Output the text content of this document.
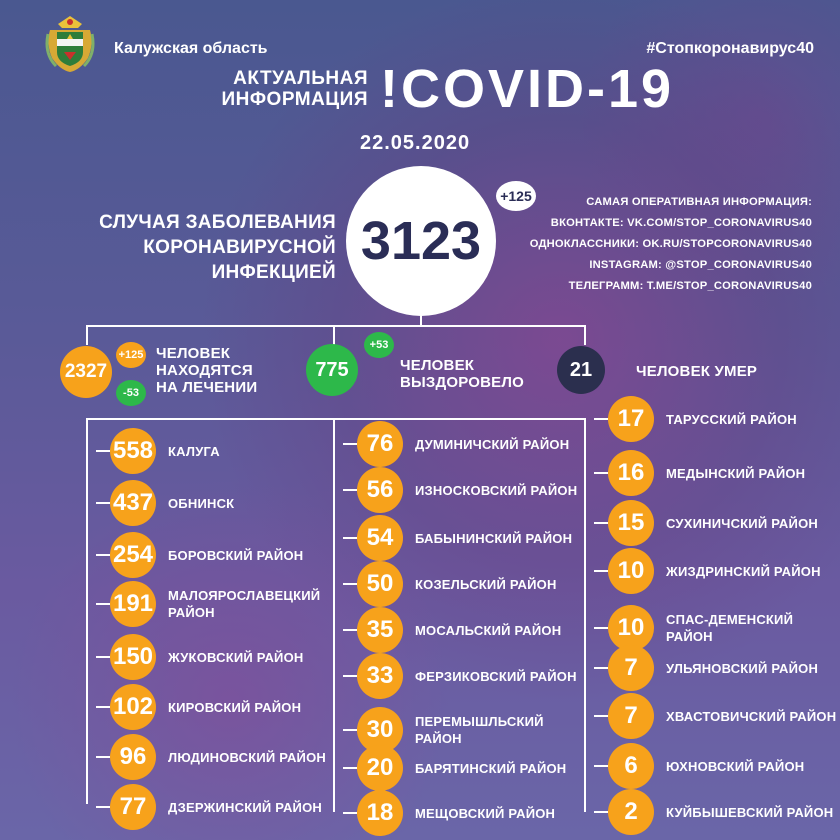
Калужская область	#Стопкоронавирус40
АКТУАЛЬНАЯ
ИНФОРМАЦИЯ !COVID-19
22.05.2020
СЛУЧАЯ ЗАБОЛЕВАНИЯ
КОРОНАВИРУСНОЙ ИНФЕКЦИЕЙ
3123
+125	САМАЯ ОПЕРАТИВНАЯ ИНФОРМАЦИЯ:
ВКОНТАКТЕ: VK.COM/STOP_CORONAVIRUS40
ОДНОКЛАССНИКИ: OK.RU/STOPCORONAVIRUS40
INSTAGRAM: @STOP_CORONAVIRUS40
ТЕЛЕГРАММ: T.ME/STOP_CORONAVIRUS40
2327
+125
-53
ЧЕЛОВЕК
НАХОДЯТСЯ
НА ЛЕЧЕНИИ
775
+53
ЧЕЛОВЕК
ВЫЗДОРОВЕЛО
21	ЧЕЛОВЕК УМЕР
558 КАЛУГА
437 ОБНИНСК
254 БОРОВСКИЙ РАЙОН
191 МАЛОЯРОСЛАВЕЦКИЙ
РАЙОН
150 ЖУКОВСКИЙ РАЙОН
102 КИРОВСКИЙ РАЙОН
96	ЛЮДИНОВСКИЙ РАЙОН
77	ДЗЕРЖИНСКИЙ РАЙОН
76	ДУМИНИЧСКИЙ РАЙОН
56	ИЗНОСКОВСКИЙ РАЙОН
54	БАБЫНИНСКИЙ РАЙОН
50	КОЗЕЛЬСКИЙ РАЙОН
35	МОСАЛЬСКИЙ РАЙОН
33	ФЕРЗИКОВСКИЙ РАЙОН
30	ПЕРЕМЫШЛЬСКИЙ
РАЙОН
20	БАРЯТИНСКИЙ РАЙОН
18	МЕЩОВСКИЙ РАЙОН
17	ТАРУССКИЙ РАЙОН
16	МЕДЫНСКИЙ РАЙОН
15	СУХИНИЧСКИЙ РАЙОН
10	ЖИЗДРИНСКИЙ РАЙОН
10	СПАС-ДЕМЕНСКИЙ
РАЙОН
7	УЛЬЯНОВСКИЙ РАЙОН
7	ХВАСТОВИЧСКИЙ РАЙОН
6	ЮХНОВСКИЙ РАЙОН
2	КУЙБЫШЕВСКИЙ РАЙОН
